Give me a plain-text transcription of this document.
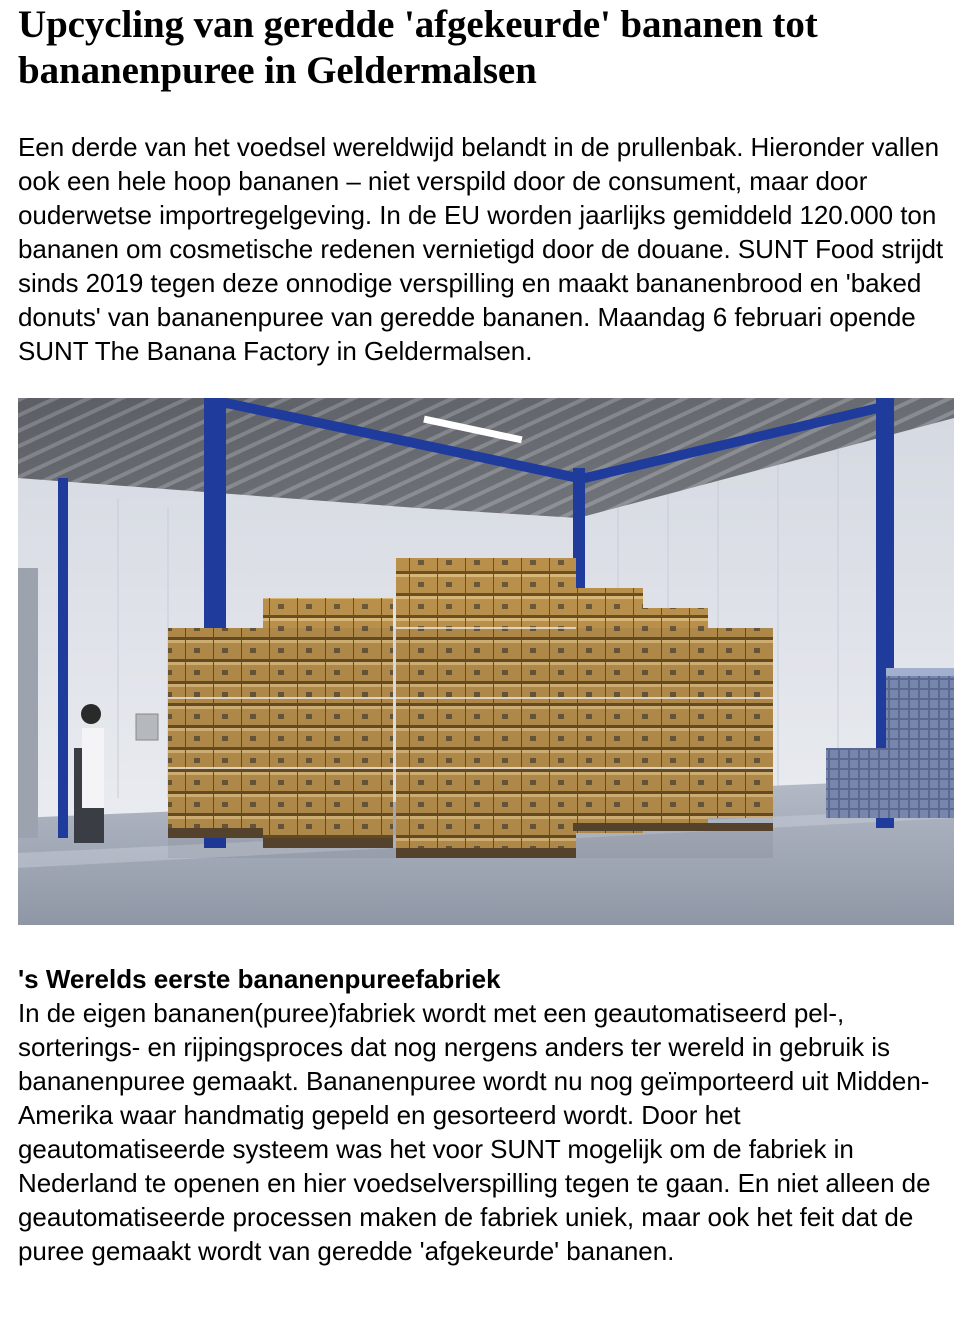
Upcycling van geredde 'afgekeurde' bananen tot bananenpuree in Geldermalsen

Een derde van het voedsel wereldwijd belandt in de prullenbak. Hieronder vallen ook een hele hoop bananen – niet verspild door de consument, maar door ouderwetse importregelgeving. In de EU worden jaarlijks gemiddeld 120.000 ton bananen om cosmetische redenen vernietigd door de douane. SUNT Food strijdt sinds 2019 tegen deze onnodige verspilling en maakt bananenbrood en 'baked donuts' van bananenpuree van geredde bananen. Maandag 6 februari opende SUNT The Banana Factory in Geldermalsen.

's Werelds eerste bananenpureefabriek

In de eigen bananen(puree)fabriek wordt met een geautomatiseerd pel-, sorterings- en rijpingsproces dat nog nergens anders ter wereld in gebruik is bananenpuree gemaakt. Bananenpuree wordt nu nog geïmporteerd uit Midden-Amerika waar handmatig gepeld en gesorteerd wordt. Door het geautomatiseerde systeem was het voor SUNT mogelijk om de fabriek in Nederland te openen en hier voedselverspilling tegen te gaan. En niet alleen de geautomatiseerde processen maken de fabriek uniek, maar ook het feit dat de puree gemaakt wordt van geredde 'afgekeurde' bananen.
